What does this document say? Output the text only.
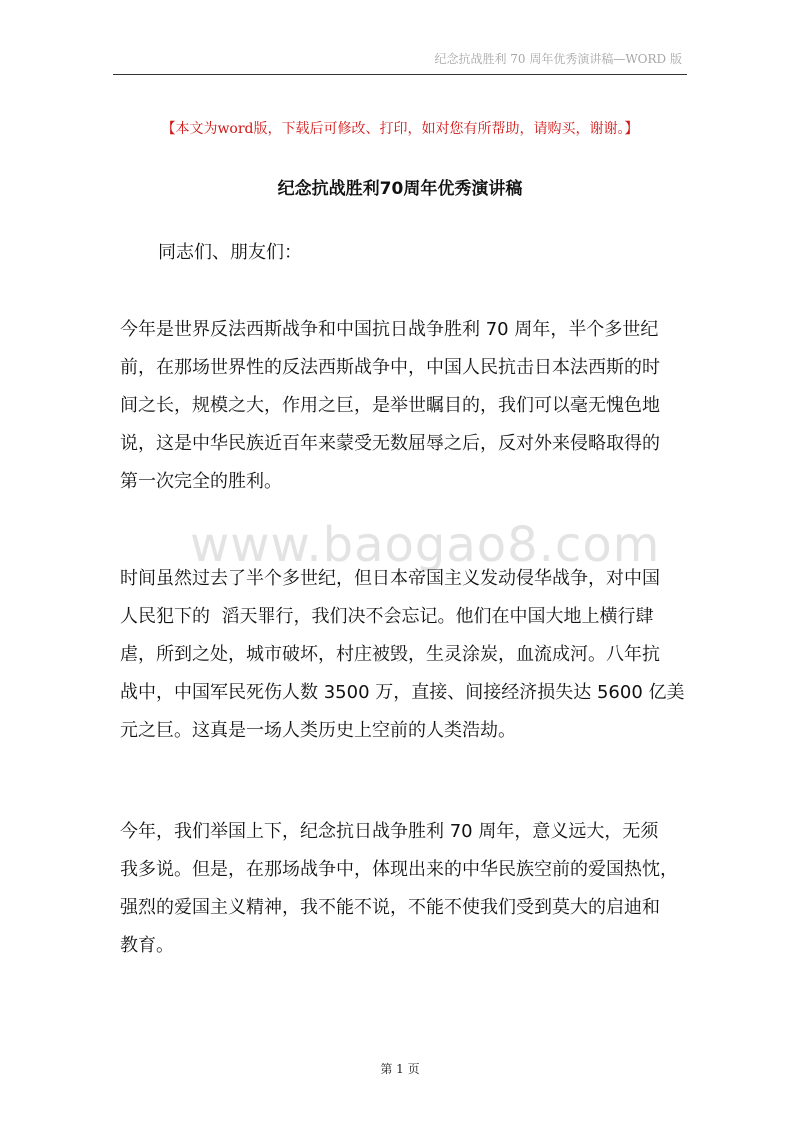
纪念抗战胜利 70 周年优秀演讲稿—WORD 版
【本文为word版，下载后可修改、打印，如对您有所帮助，请购买，谢谢。】
纪念抗战胜利70周年优秀演讲稿
同志们、朋友们：
今年是世界反法西斯战争和中国抗日战争胜利 70 周年，半个多世纪
前，在那场世界性的反法西斯战争中，中国人民抗击日本法西斯的时
间之长，规模之大，作用之巨，是举世瞩目的，我们可以毫无愧色地
说，这是中华民族近百年来蒙受无数屈辱之后，反对外来侵略取得的
第一次完全的胜利。
www.baogao8.com
时间虽然过去了半个多世纪，但日本帝国主义发动侵华战争，对中国
人民犯下的  滔天罪行，我们决不会忘记。他们在中国大地上横行肆
虐，所到之处，城市破坏，村庄被毁，生灵涂炭，血流成河。八年抗
战中，中国军民死伤人数 3500 万，直接、间接经济损失达 5600 亿美
元之巨。这真是一场人类历史上空前的人类浩劫。
今年，我们举国上下，纪念抗日战争胜利 70 周年，意义远大，无须
我多说。但是，在那场战争中，体现出来的中华民族空前的爱国热忱，
强烈的爱国主义精神，我不能不说，不能不使我们受到莫大的启迪和
教育。
第 1 页
